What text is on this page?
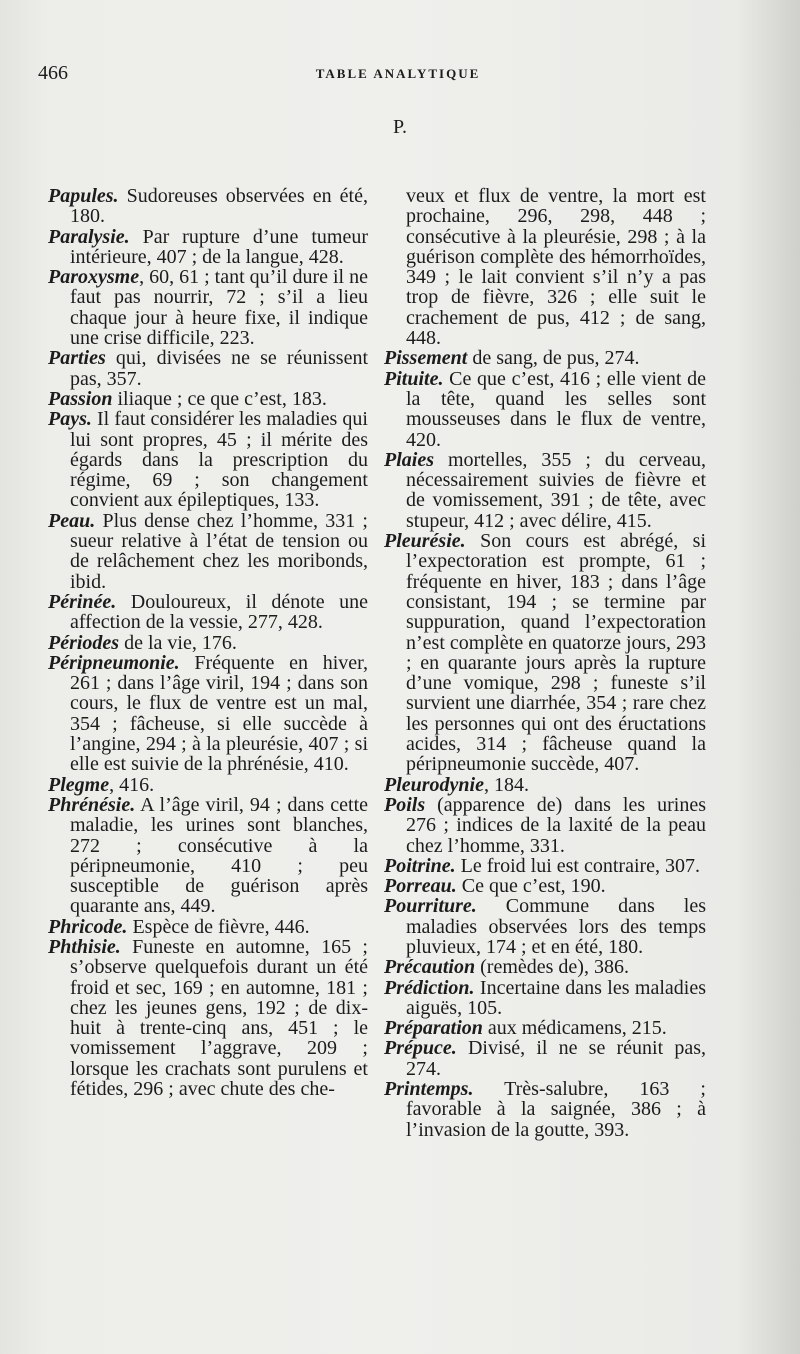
466	TABLE ANALYTIQUE
P.

Papules. Sudoreuses observées en été, 180.

Paralysie. Par rupture d’une tumeur intérieure, 407 ; de la langue, 428.

Paroxysme, 60, 61 ; tant qu’il dure il ne faut pas nourrir, 72 ; s’il a lieu chaque jour à heure fixe, il indique une crise difficile, 223.

Parties qui, divisées ne se réunissent pas, 357.

Passion iliaque ; ce que c’est, 183.

Pays. Il faut considérer les maladies qui lui sont propres, 45 ; il mérite des égards dans la prescription du régime, 69 ; son changement convient aux épileptiques, 133.

Peau. Plus dense chez l’homme, 331 ; sueur relative à l’état de tension ou de relâchement chez les moribonds, ibid.

Périnée. Douloureux, il dénote une affection de la vessie, 277, 428.

Périodes de la vie, 176.

Péripneumonie. Fréquente en hiver, 261 ; dans l’âge viril, 194 ; dans son cours, le flux de ventre est un mal, 354 ; fâcheuse, si elle succède à l’angine, 294 ; à la pleurésie, 407 ; si elle est suivie de la phrénésie, 410.

Plegme, 416.

Phrénésie. A l’âge viril, 94 ; dans cette maladie, les urines sont blanches, 272 ; consécutive à la péripneumonie, 410 ; peu susceptible de guérison après quarante ans, 449.

Phricode. Espèce de fièvre, 446.

Phthisie. Funeste en automne, 165 ; s’observe quelquefois durant un été froid et sec, 169 ; en automne, 181 ; chez les jeunes gens, 192 ; de dix-huit à trente-cinq ans, 451 ; le vomissement l’aggrave, 209 ; lorsque les crachats sont purulens et fétides, 296 ; avec chute des che-

veux et flux de ventre, la mort est prochaine, 296, 298, 448 ; consécutive à la pleurésie, 298 ; à la guérison complète des hémorrhoïdes, 349 ; le lait convient s’il n’y a pas trop de fièvre, 326 ; elle suit le crachement de pus, 412 ; de sang, 448.

Pissement de sang, de pus, 274.

Pituite. Ce que c’est, 416 ; elle vient de la tête, quand les selles sont mousseuses dans le flux de ventre, 420.

Plaies mortelles, 355 ; du cerveau, nécessairement suivies de fièvre et de vomissement, 391 ; de tête, avec stupeur, 412 ; avec délire, 415.

Pleurésie. Son cours est abrégé, si l’expectoration est prompte, 61 ; fréquente en hiver, 183 ; dans l’âge consistant, 194 ; se termine par suppuration, quand l’expectoration n’est complète en quatorze jours, 293 ; en quarante jours après la rupture d’une vomique, 298 ; funeste s’il survient une diarrhée, 354 ; rare chez les personnes qui ont des éructations acides, 314 ; fâcheuse quand la péripneumonie succède, 407.

Pleurodynie, 184.

Poils (apparence de) dans les urines 276 ; indices de la laxité de la peau chez l’homme, 331.

Poitrine. Le froid lui est contraire, 307.

Porreau. Ce que c’est, 190.

Pourriture. Commune dans les maladies observées lors des temps pluvieux, 174 ; et en été, 180.

Précaution (remèdes de), 386.

Prédiction. Incertaine dans les maladies aiguës, 105.

Préparation aux médicamens, 215.

Prépuce. Divisé, il ne se réunit pas, 274.

Printemps. Très-salubre, 163 ; favorable à la saignée, 386 ; à l’invasion de la goutte, 393.
